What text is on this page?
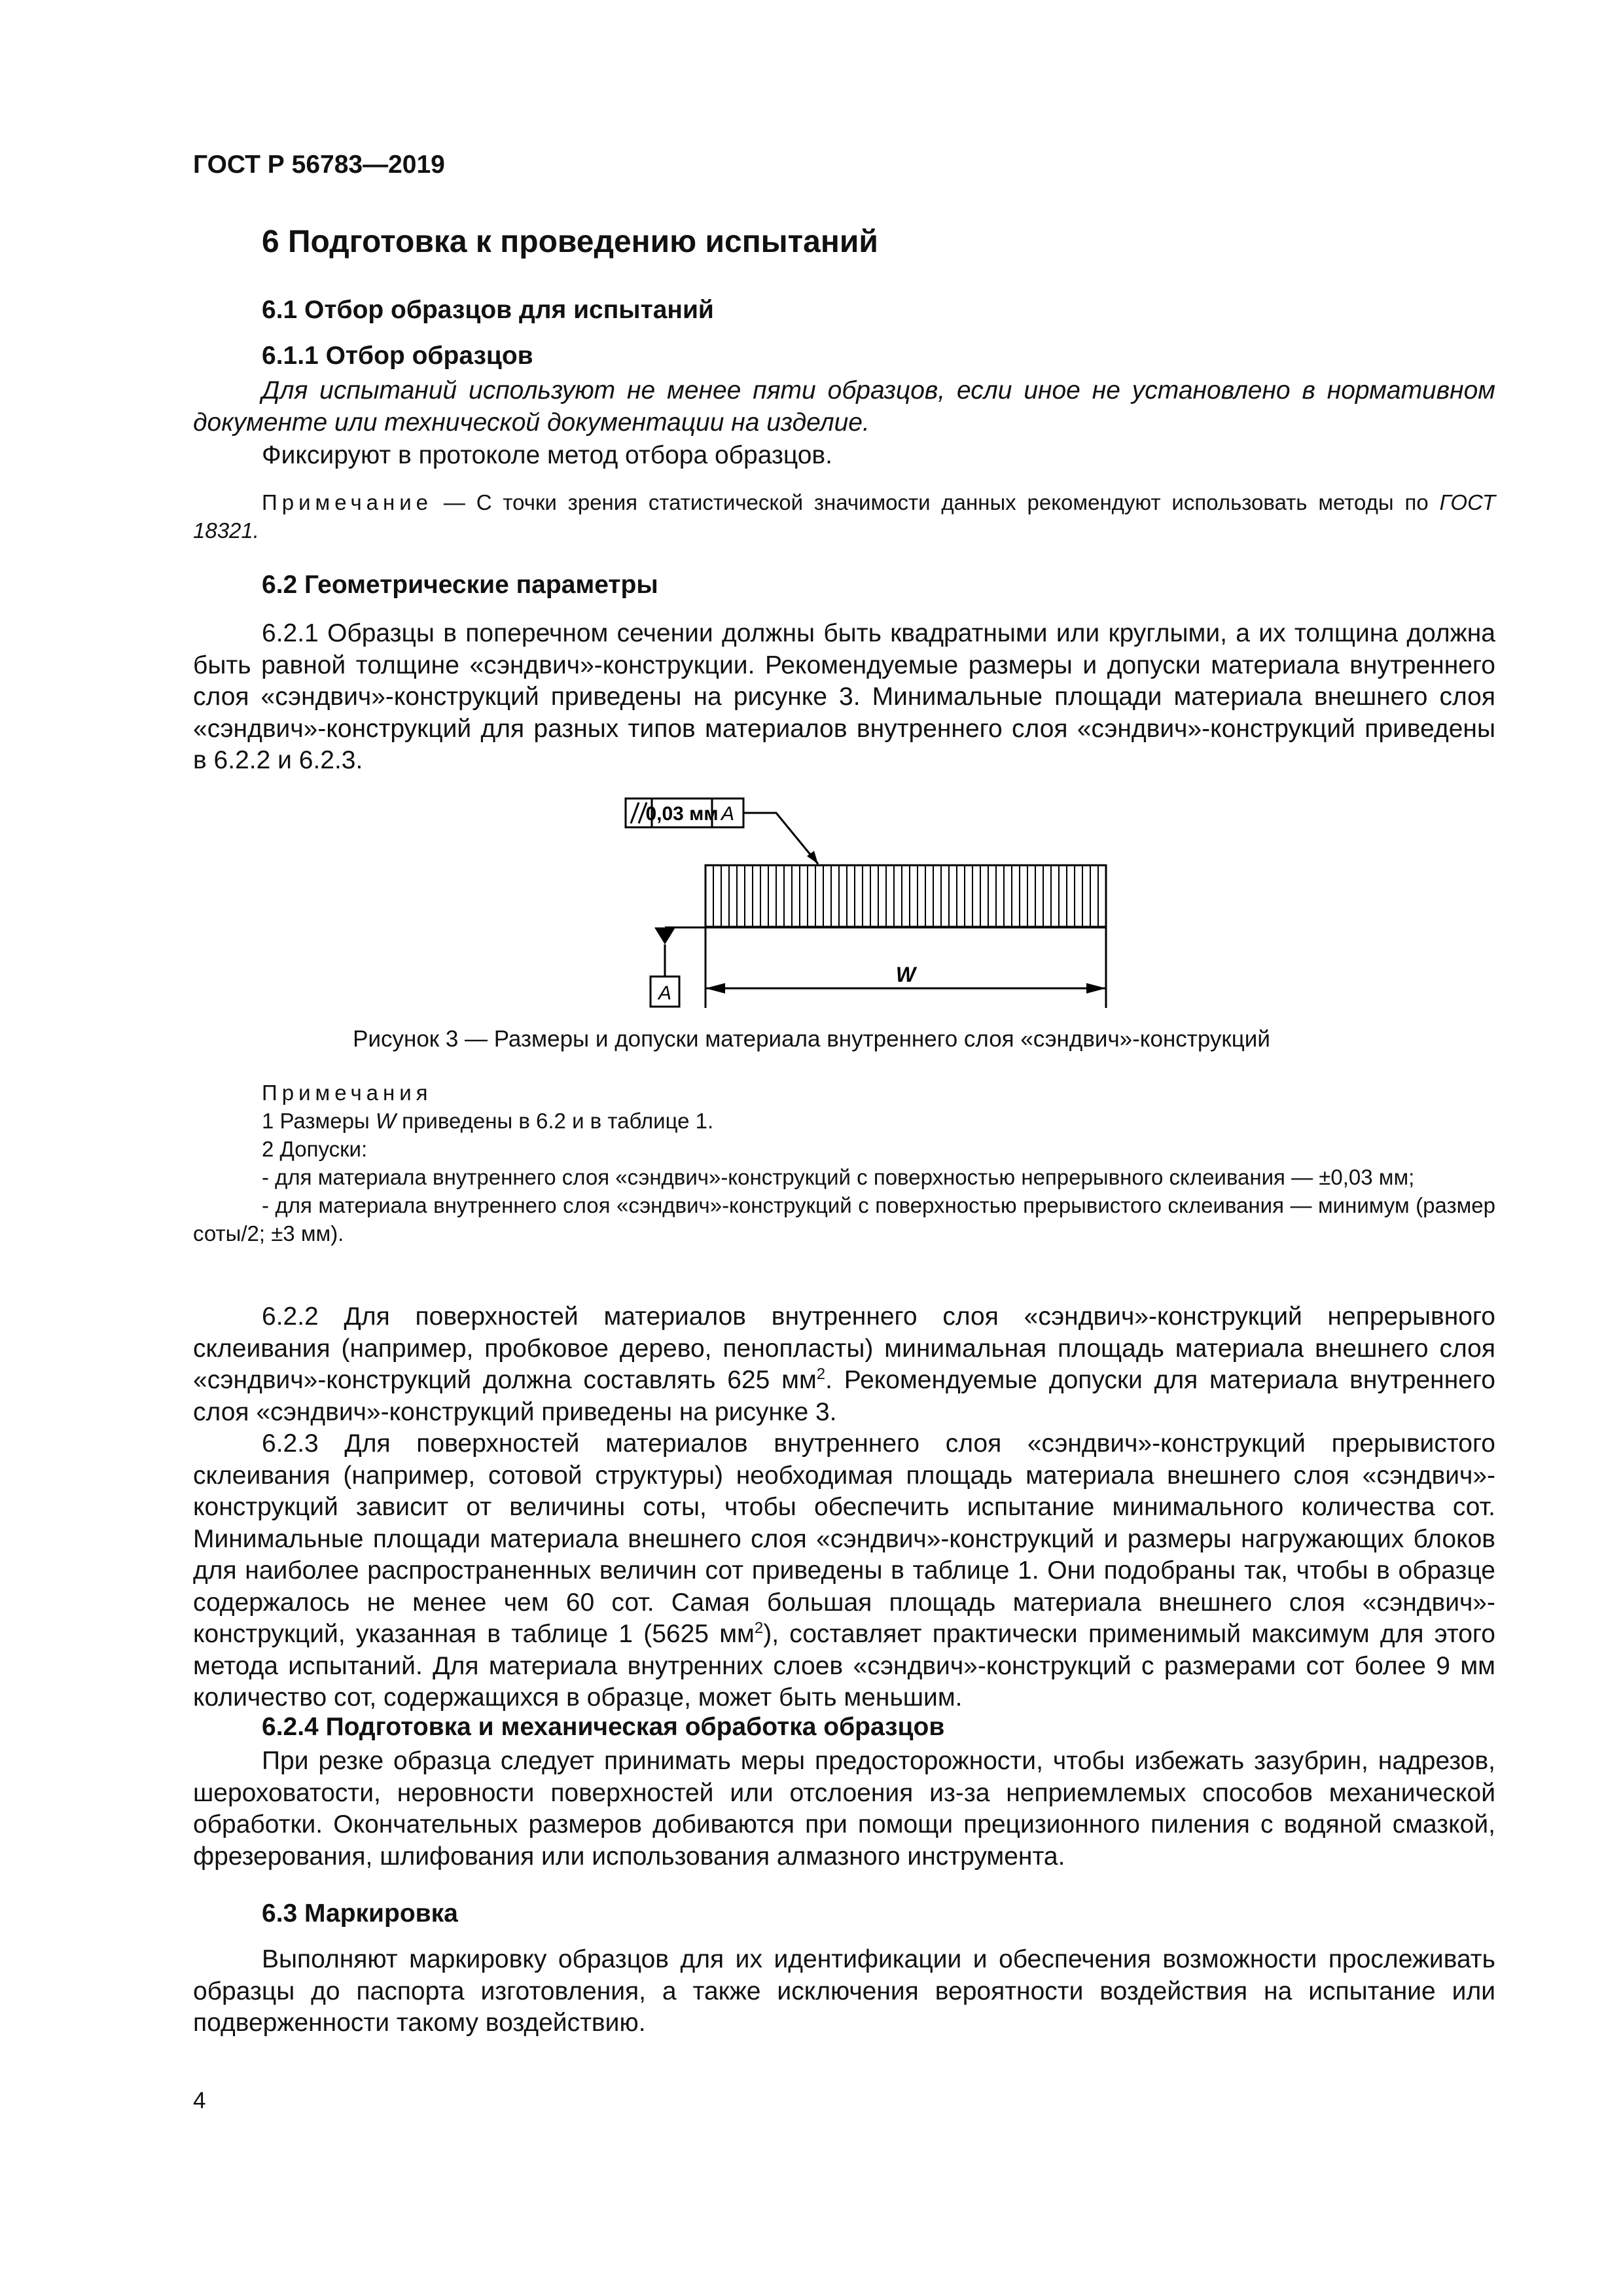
ГОСТ Р 56783—2019
6 Подготовка к проведению испытаний
6.1 Отбор образцов для испытаний
6.1.1 Отбор образцов
Для испытаний используют не менее пяти образцов, если иное не установлено в нормативном документе или технической документации на изделие.
Фиксируют в протоколе метод отбора образцов.
Примечание — С точки зрения статистической значимости данных рекомендуют использовать методы по ГОСТ 18321.
6.2 Геометрические параметры
6.2.1 Образцы в поперечном сечении должны быть квадратными или круглыми, а их толщина должна быть равной толщине «сэндвич»-конструкции. Рекомендуемые размеры и допуски материала внутреннего слоя «сэндвич»-конструкций приведены на рисунке 3. Минимальные площади материала внешнего слоя «сэндвич»-конструкций для разных типов материалов внутреннего слоя «сэндвич»-конструкций приведены в 6.2.2 и 6.2.3.
0,03 мм A
A
W
Рисунок 3 — Размеры и допуски материала внутреннего слоя «сэндвич»-конструкций
Примечания
1 Размеры W приведены в 6.2 и в таблице 1.
2 Допуски:
- для материала внутреннего слоя «сэндвич»-конструкций с поверхностью непрерывного склеивания — ±0,03 мм;
- для материала внутреннего слоя «сэндвич»-конструкций с поверхностью прерывистого склеивания — минимум (размер соты/2; ±3 мм).
6.2.2 Для поверхностей материалов внутреннего слоя «сэндвич»-конструкций непрерывного склеивания (например, пробковое дерево, пенопласты) минимальная площадь материала внешнего слоя «сэндвич»-конструкций должна составлять 625 $мм^2$. Рекомендуемые допуски для материала внутреннего слоя «сэндвич»-конструкций приведены на рисунке 3.
6.2.3 Для поверхностей материалов внутреннего слоя «сэндвич»-конструкций прерывистого склеивания (например, сотовой структуры) необходимая площадь материала внешнего слоя «сэндвич»-конструкций зависит от величины соты, чтобы обеспечить испытание минимального количества сот. Минимальные площади материала внешнего слоя «сэндвич»-конструкций и размеры нагружающих блоков для наиболее распространенных величин сот приведены в таблице 1. Они подобраны так, чтобы в образце содержалось не менее чем 60 сот. Самая большая площадь материала внешнего слоя «сэндвич»-конструкций, указанная в таблице 1 (5625 $мм^2$), составляет практически применимый максимум для этого метода испытаний. Для материала внутренних слоев «сэндвич»-конструкций с размерами сот более 9 мм количество сот, содержащихся в образце, может быть меньшим.
6.2.4 Подготовка и механическая обработка образцов
При резке образца следует принимать меры предосторожности, чтобы избежать зазубрин, надрезов, шероховатости, неровности поверхностей или отслоения из-за неприемлемых способов механической обработки. Окончательных размеров добиваются при помощи прецизионного пиления с водяной смазкой, фрезерования, шлифования или использования алмазного инструмента.
6.3 Маркировка
Выполняют маркировку образцов для их идентификации и обеспечения возможности прослеживать образцы до паспорта изготовления, а также исключения вероятности воздействия на испытание или подверженности такому воздействию.
4
